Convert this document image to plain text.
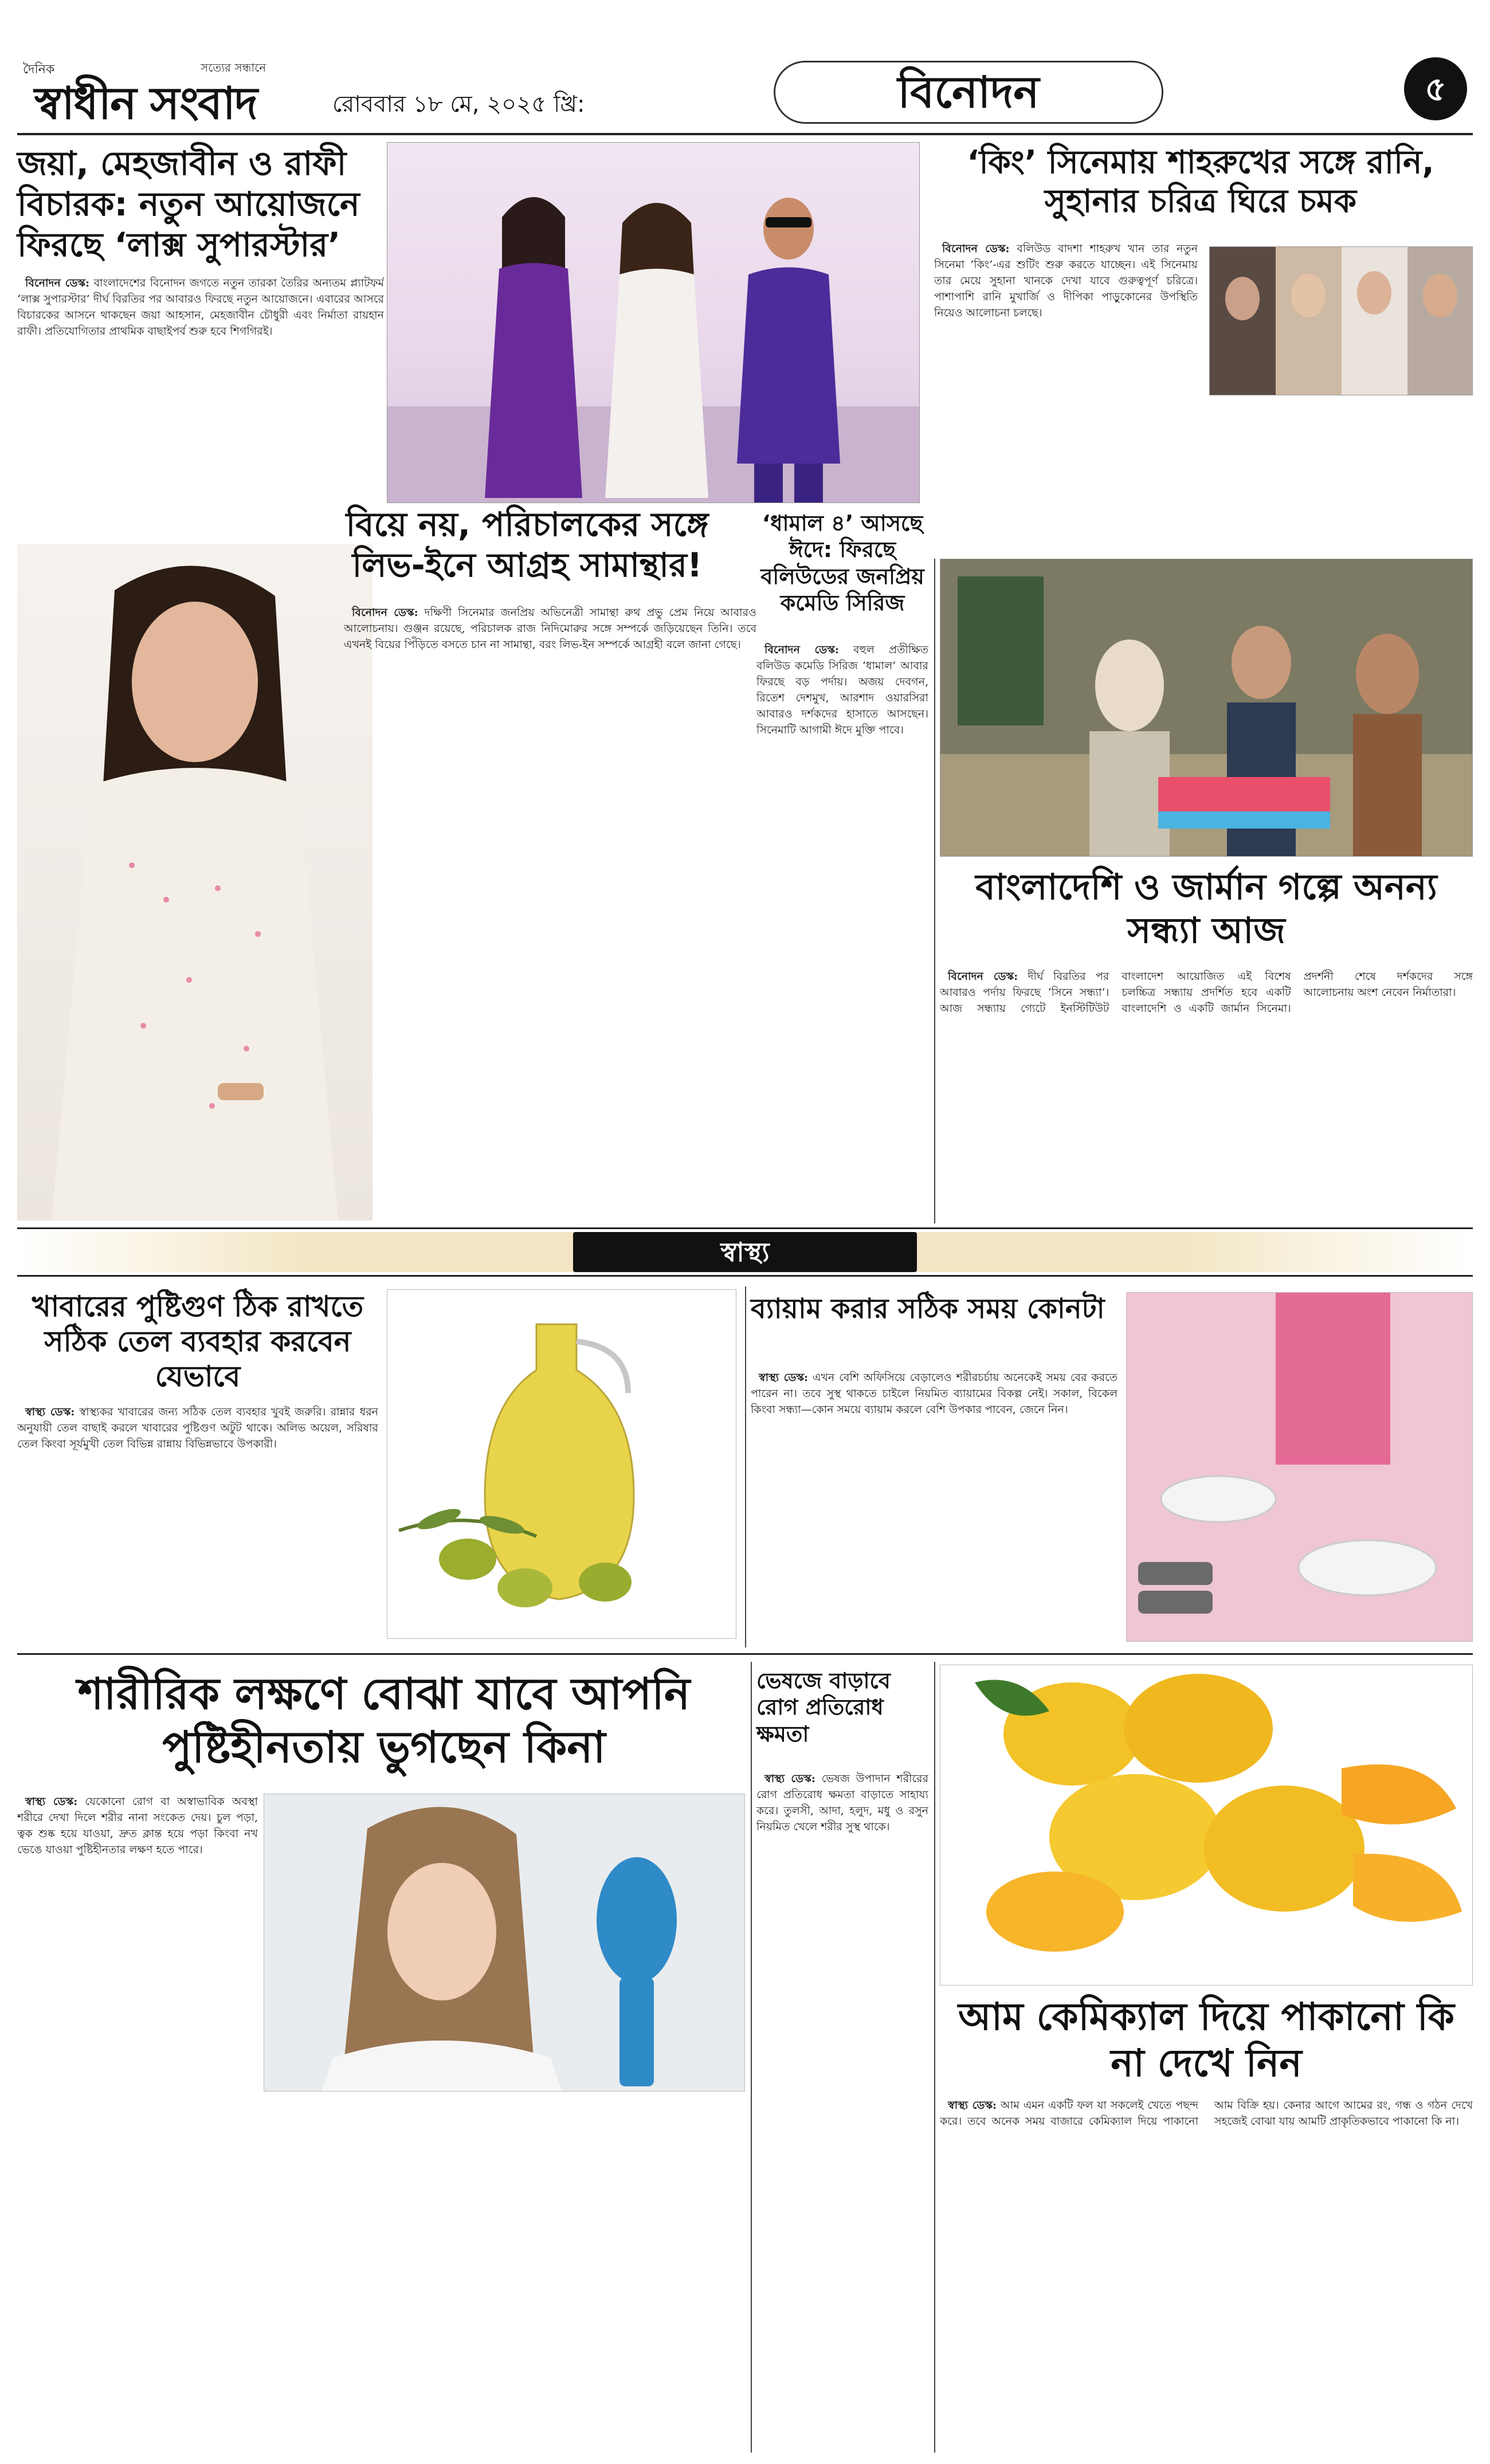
দৈনিক
স্বাধীন সংবাদ
সত্যের সন্ধানে
রোববার ১৮ মে, ২০২৫ খ্রি:	বিনোদন	৫
জয়া, মেহজাবীন ও রাফী বিচারক: নতুন আয়োজনে ফিরছে ‘লাক্স সুপারস্টার’

বিনোদন ডেস্ক: বাংলাদেশের বিনোদন জগতে নতুন তারকা তৈরির অন্যতম প্ল্যাটফর্ম ‘লাক্স সুপারস্টার’ দীর্ঘ বিরতির পর আবারও ফিরছে নতুন আয়োজনে। এবারের আসরে বিচারকের আসনে থাকছেন জয়া আহসান, মেহজাবীন চৌধুরী এবং নির্মাতা রায়হান রাফী। প্রতিযোগিতার প্রাথমিক বাছাইপর্ব শুরু হবে শিগগিরই।

‘কিং’ সিনেমায় শাহরুখের সঙ্গে রানি, সুহানার চরিত্র ঘিরে চমক

বিনোদন ডেস্ক: বলিউড বাদশা শাহরুখ খান তার নতুন সিনেমা ‘কিং’-এর শুটিং শুরু করতে যাচ্ছেন। এই সিনেমায় তার মেয়ে সুহানা খানকে দেখা যাবে গুরুত্বপূর্ণ চরিত্রে। পাশাপাশি রানি মুখার্জি ও দীপিকা পাড়ুকোনের উপস্থিতি নিয়েও আলোচনা চলছে।

বিয়ে নয়, পরিচালকের সঙ্গে লিভ-ইনে আগ্রহ সামান্থার!

বিনোদন ডেস্ক: দক্ষিণী সিনেমার জনপ্রিয় অভিনেত্রী সামান্থা রুথ প্রভু প্রেম নিয়ে আবারও আলোচনায়। গুঞ্জন রয়েছে, পরিচালক রাজ নিদিমোরুর সঙ্গে সম্পর্কে জড়িয়েছেন তিনি। তবে এখনই বিয়ের পিঁড়িতে বসতে চান না সামান্থা, বরং লিভ-ইন সম্পর্কে আগ্রহী বলে জানা গেছে।

‘ধামাল ৪’ আসছে ঈদে: ফিরছে বলিউডের জনপ্রিয় কমেডি সিরিজ

বিনোদন ডেস্ক: বহুল প্রতীক্ষিত বলিউড কমেডি সিরিজ ‘ধামাল’ আবার ফিরছে বড় পর্দায়। অজয় দেবগন, রিতেশ দেশমুখ, আরশাদ ওয়ারসিরা আবারও দর্শকদের হাসাতে আসছেন। সিনেমাটি আগামী ঈদে মুক্তি পাবে।

বাংলাদেশি ও জার্মান গল্পে অনন্য সন্ধ্যা আজ

বিনোদন ডেস্ক: দীর্ঘ বিরতির পর আবারও পর্দায় ফিরছে ‘সিনে সন্ধ্যা’। আজ সন্ধ্যায় গ্যেটে ইনস্টিটিউট বাংলাদেশ আয়োজিত এই বিশেষ চলচ্চিত্র সন্ধ্যায় প্রদর্শিত হবে একটি বাংলাদেশি ও একটি জার্মান সিনেমা। প্রদর্শনী শেষে দর্শকদের সঙ্গে আলোচনায় অংশ নেবেন নির্মাতারা।

স্বাস্থ্য
খাবারের পুষ্টিগুণ ঠিক রাখতে সঠিক তেল ব্যবহার করবেন যেভাবে

স্বাস্থ্য ডেস্ক: স্বাস্থ্যকর খাবারের জন্য সঠিক তেল ব্যবহার খুবই জরুরি। রান্নার ধরন অনুযায়ী তেল বাছাই করলে খাবারের পুষ্টিগুণ অটুট থাকে। অলিভ অয়েল, সরিষার তেল কিংবা সূর্যমুখী তেল বিভিন্ন রান্নায় বিভিন্নভাবে উপকারী।

ব্যায়াম করার সঠিক সময় কোনটা

স্বাস্থ্য ডেস্ক: এখন বেশি অফিসিয়ে বেড়ালেও শরীরচর্চায় অনেকেই সময় বের করতে পারেন না। তবে সুস্থ থাকতে চাইলে নিয়মিত ব্যায়ামের বিকল্প নেই। সকাল, বিকেল কিংবা সন্ধ্যা—কোন সময়ে ব্যায়াম করলে বেশি উপকার পাবেন, জেনে নিন।

শারীরিক লক্ষণে বোঝা যাবে আপনি পুষ্টিহীনতায় ভুগছেন কিনা

স্বাস্থ্য ডেস্ক: যেকোনো রোগ বা অস্বাভাবিক অবস্থা শরীরে দেখা দিলে শরীর নানা সংকেত দেয়। চুল পড়া, ত্বক শুষ্ক হয়ে যাওয়া, দ্রুত ক্লান্ত হয়ে পড়া কিংবা নখ ভেঙে যাওয়া পুষ্টিহীনতার লক্ষণ হতে পারে।

ভেষজে বাড়াবে রোগ প্রতিরোধ ক্ষমতা

স্বাস্থ্য ডেস্ক: ভেষজ উপাদান শরীরের রোগ প্রতিরোধ ক্ষমতা বাড়াতে সাহায্য করে। তুলসী, আদা, হলুদ, মধু ও রসুন নিয়মিত খেলে শরীর সুস্থ থাকে।

আম কেমিক্যাল দিয়ে পাকানো কি না দেখে নিন

স্বাস্থ্য ডেস্ক: আম এমন একটি ফল যা সকলেই খেতে পছন্দ করে। তবে অনেক সময় বাজারে কেমিক্যাল দিয়ে পাকানো আম বিক্রি হয়। কেনার আগে আমের রং, গন্ধ ও গঠন দেখে সহজেই বোঝা যায় আমটি প্রাকৃতিকভাবে পাকানো কি না।
